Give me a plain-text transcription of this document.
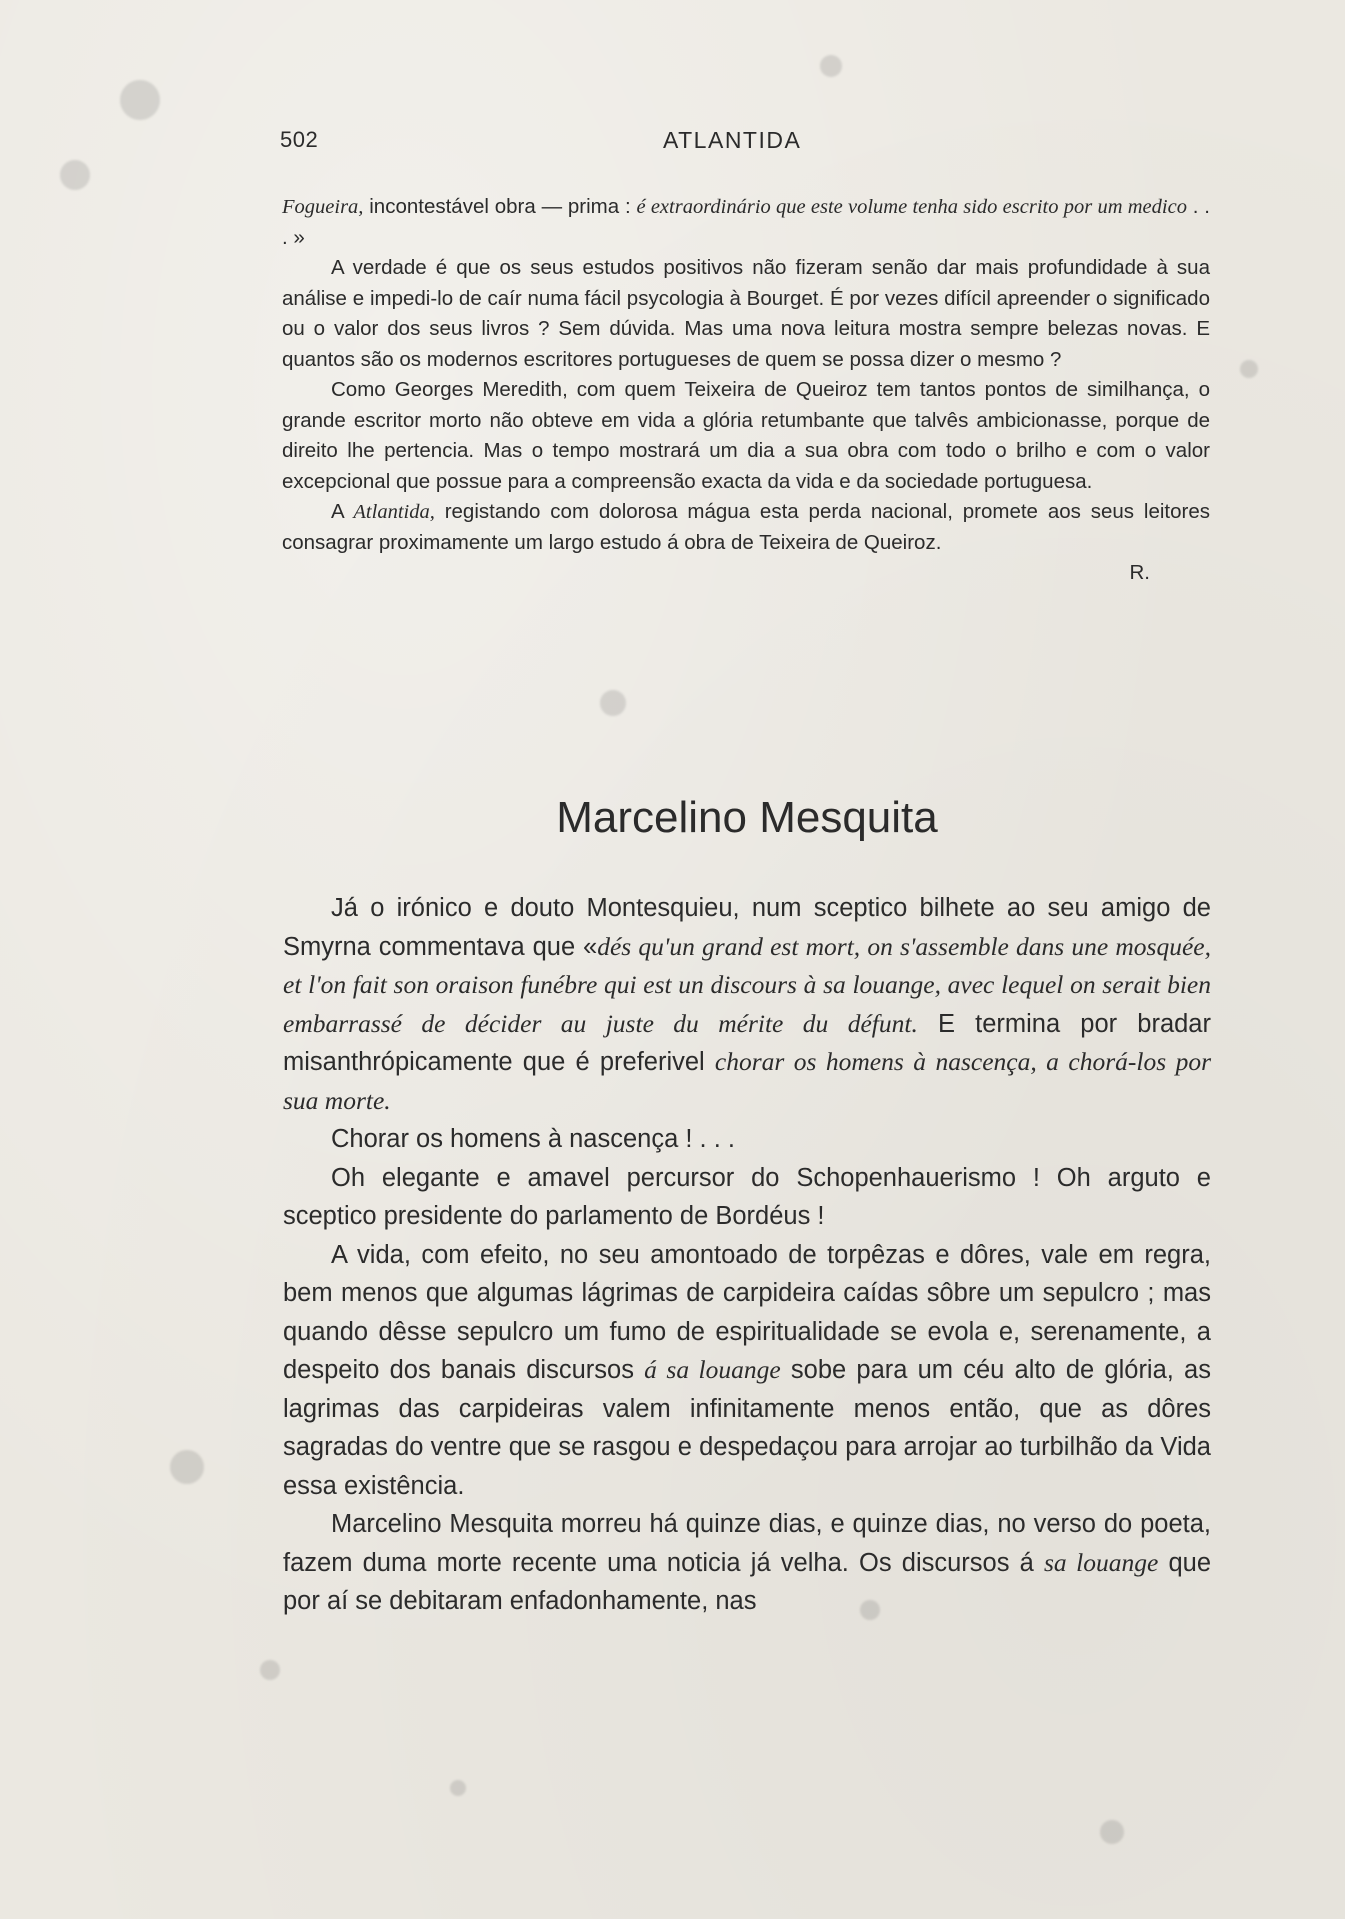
502	ATLANTIDA

Fogueira, incontestável obra — prima : é extraordinário que este volume tenha sido escrito por um medico . . . »

A verdade é que os seus estudos positivos não fizeram senão dar mais profundidade à sua análise e impedi-lo de caír numa fácil psycologia à Bourget. É por vezes difícil apreender o significado ou o valor dos seus livros ? Sem dúvida. Mas uma nova leitura mostra sempre belezas novas. E quantos são os modernos escritores portugueses de quem se possa dizer o mesmo ?

Como Georges Meredith, com quem Teixeira de Queiroz tem tantos pontos de similhança, o grande escritor morto não obteve em vida a glória retumbante que talvês ambicionasse, porque de direito lhe pertencia. Mas o tempo mostrará um dia a sua obra com todo o brilho e com o valor excepcional que possue para a compreensão exacta da vida e da sociedade portuguesa.

A Atlantida, registando com dolorosa mágua esta perda nacional, promete aos seus leitores consagrar proximamente um largo estudo á obra de Teixeira de Queiroz.

R.

Marcelino Mesquita

Já o irónico e douto Montesquieu, num sceptico bilhete ao seu amigo de Smyrna commentava que «dés qu'un grand est mort, on s'assemble dans une mosquée, et l'on fait son oraison funébre qui est un discours à sa louange, avec lequel on serait bien embarrassé de décider au juste du mérite du défunt. E termina por bradar misanthrópicamente que é preferivel chorar os homens à nascença, a chorá-los por sua morte.

Chorar os homens à nascença ! . . .

Oh elegante e amavel percursor do Schopenhauerismo ! Oh arguto e sceptico presidente do parlamento de Bordéus !

A vida, com efeito, no seu amontoado de torpêzas e dôres, vale em regra, bem menos que algumas lágrimas de carpideira caídas sôbre um sepulcro ; mas quando dêsse sepulcro um fumo de espiritualidade se evola e, serenamente, a despeito dos banais discursos á sa louange sobe para um céu alto de glória, as lagrimas das carpideiras valem infinitamente menos então, que as dôres sagradas do ventre que se rasgou e despedaçou para arrojar ao turbilhão da Vida essa existência.

Marcelino Mesquita morreu há quinze dias, e quinze dias, no verso do poeta, fazem duma morte recente uma noticia já velha. Os discursos á sa louange que por aí se debitaram enfadonhamente, nas
